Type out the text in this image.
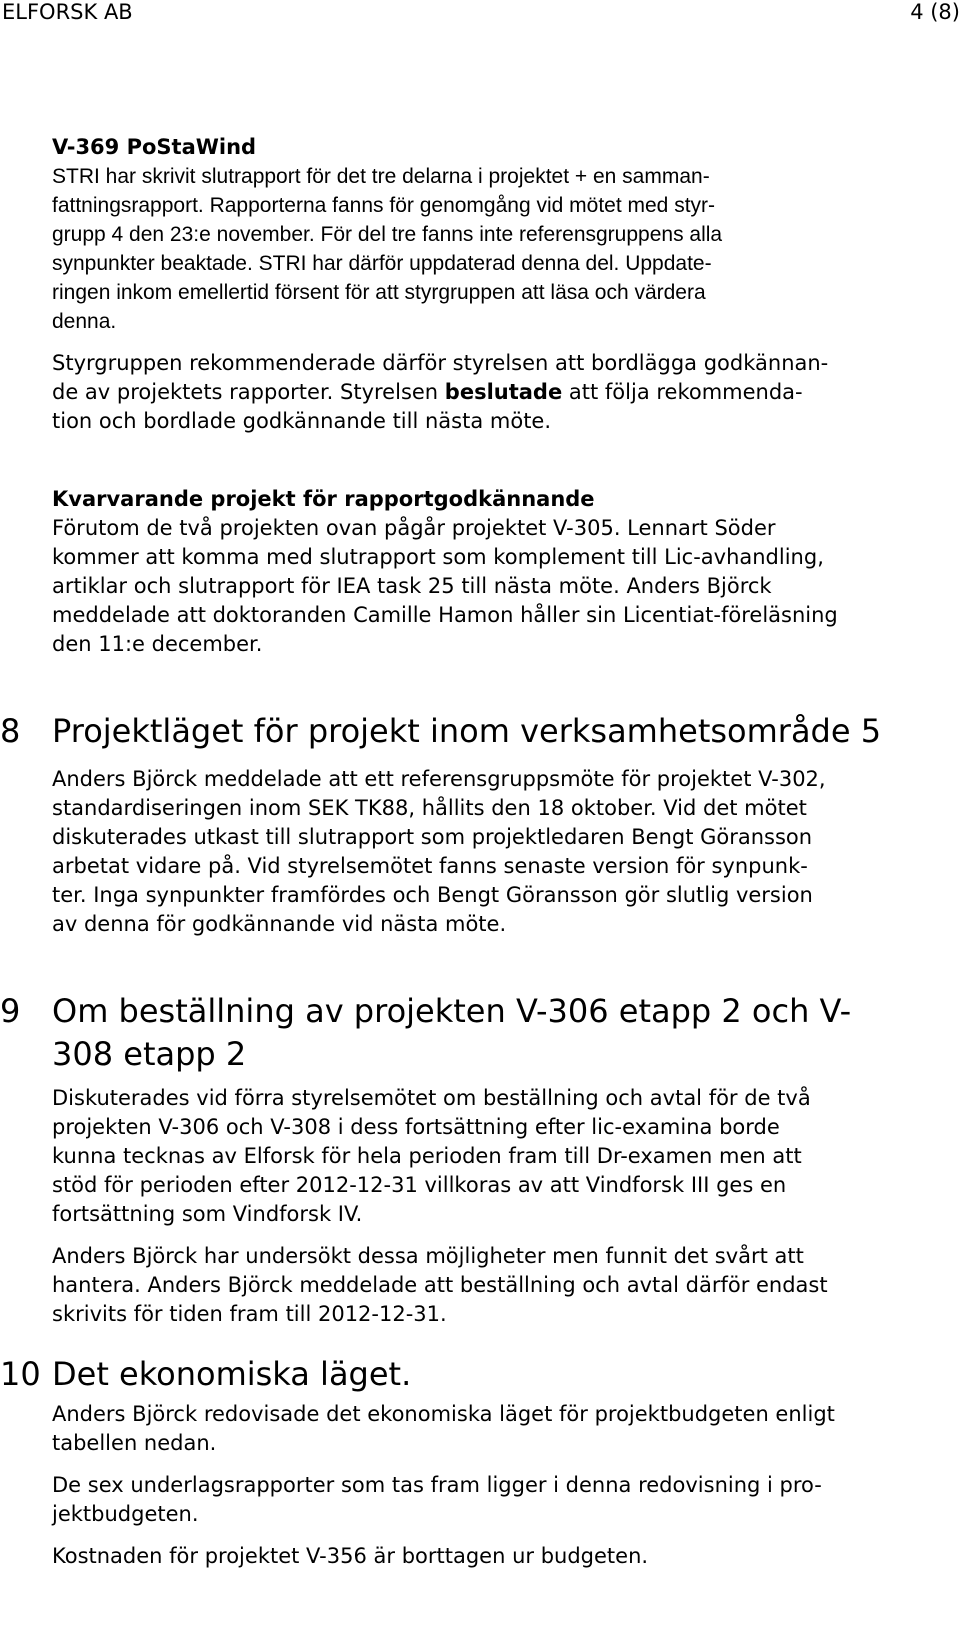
ELFORSK AB	4 (8)

V-369 PoStaWind

STRI har skrivit slutrapport för det tre delarna i projektet + en samman-

fattningsrapport. Rapporterna fanns för genomgång vid mötet med styr-

grupp 4 den 23:e november. För del tre fanns inte referensgruppens alla

synpunkter beaktade. STRI har därför uppdaterad denna del. Uppdate-

ringen inkom emellertid försent för att styrgruppen att läsa och värdera

denna.

Styrgruppen rekommenderade därför styrelsen att bordlägga godkännan-

de av projektets rapporter. Styrelsen beslutade att följa rekommenda-

tion och bordlade godkännande till nästa möte.

Kvarvarande projekt för rapportgodkännande

Förutom de två projekten ovan pågår projektet V-305. Lennart Söder

kommer att komma med slutrapport som komplement till Lic-avhandling,

artiklar och slutrapport för IEA task 25 till nästa möte. Anders Björck

meddelade att doktoranden Camille Hamon håller sin Licentiat-föreläsning

den 11:e december.

8 Projektläget för projekt inom verksamhetsområde 5

Anders Björck meddelade att ett referensgruppsmöte för projektet V-302,

standardiseringen inom SEK TK88, hållits den 18 oktober. Vid det mötet

diskuterades utkast till slutrapport som projektledaren Bengt Göransson

arbetat vidare på. Vid styrelsemötet fanns senaste version för synpunk-

ter. Inga synpunkter framfördes och Bengt Göransson gör slutlig version

av denna för godkännande vid nästa möte.

9 Om beställning av projekten V-306 etapp 2 och V-
308 etapp 2

Diskuterades vid förra styrelsemötet om beställning och avtal för de två

projekten V-306 och V-308 i dess fortsättning efter lic-examina borde

kunna tecknas av Elforsk för hela perioden fram till Dr-examen men att

stöd för perioden efter 2012-12-31 villkoras av att Vindforsk III ges en

fortsättning som Vindforsk IV.

Anders Björck har undersökt dessa möjligheter men funnit det svårt att

hantera. Anders Björck meddelade att beställning och avtal därför endast

skrivits för tiden fram till 2012-12-31.

10 Det ekonomiska läget.

Anders Björck redovisade det ekonomiska läget för projektbudgeten enligt

tabellen nedan.

De sex underlagsrapporter som tas fram ligger i denna redovisning i pro-

jektbudgeten.

Kostnaden för projektet V-356 är borttagen ur budgeten.
